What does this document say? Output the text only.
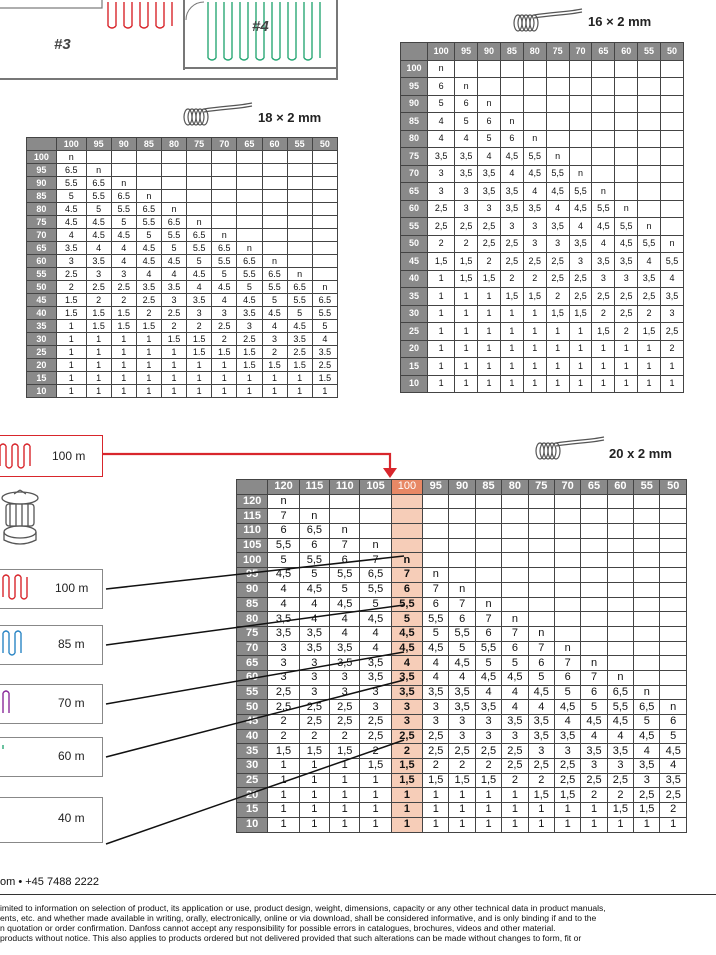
#3
#4	16 × 2 mm
18 × 2 mm
20 x 2 mm
	100	95	90	85	80	75	70	65	60	55	50
100	n										
95	6.5	n									
90	5.5	6.5	n								
85	5	5.5	6.5	n							
80	4.5	5	5.5	6.5	n						
75	4.5	4.5	5	5.5	6.5	n					
70	4	4.5	4.5	5	5.5	6.5	n				
65	3.5	4	4	4.5	5	5.5	6.5	n			
60	3	3.5	4	4.5	4.5	5	5.5	6.5	n		
55	2.5	3	3	4	4	4.5	5	5.5	6.5	n	
50	2	2.5	2.5	3.5	3.5	4	4.5	5	5.5	6.5	n
45	1.5	2	2	2.5	3	3.5	4	4.5	5	5.5	6.5
40	1.5	1.5	1.5	2	2.5	3	3	3.5	4.5	5	5.5
35	1	1.5	1.5	1.5	2	2	2.5	3	4	4.5	5
30	1	1	1	1	1.5	1.5	2	2.5	3	3.5	4
25	1	1	1	1	1	1.5	1.5	1.5	2	2.5	3.5
20	1	1	1	1	1	1	1	1.5	1.5	1.5	2.5
15	1	1	1	1	1	1	1	1	1	1	1.5
10	1	1	1	1	1	1	1	1	1	1	1
	100	95	90	85	80	75	70	65	60	55	50
100	n										
95	6	n									
90	5	6	n								
85	4	5	6	n							
80	4	4	5	6	n						
75	3,5	3,5	4	4,5	5,5	n					
70	3	3,5	3,5	4	4,5	5,5	n				
65	3	3	3,5	3,5	4	4,5	5,5	n			
60	2,5	3	3	3,5	3,5	4	4,5	5,5	n		
55	2,5	2,5	2,5	3	3	3,5	4	4,5	5,5	n	
50	2	2	2,5	2,5	3	3	3,5	4	4,5	5,5	n
45	1,5	1,5	2	2,5	2,5	2,5	3	3,5	3,5	4	5,5
40	1	1,5	1,5	2	2	2,5	2,5	3	3	3,5	4
35	1	1	1	1,5	1,5	2	2,5	2,5	2,5	2,5	3,5
30	1	1	1	1	1	1,5	1,5	2	2,5	2	3
25	1	1	1	1	1	1	1	1,5	2	1,5	2,5
20	1	1	1	1	1	1	1	1	1	1	2
15	1	1	1	1	1	1	1	1	1	1	1
10	1	1	1	1	1	1	1	1	1	1	1
	120	115	110	105	100	95	90	85	80	75	70	65	60	55	50
120	n														
115	7	n													
110	6	6,5	n												
105	5,5	6	7	n											
100	5	5,5	6	7	n										
95	4,5	5	5,5	6,5	7	n									
90	4	4,5	5	5,5	6	7	n								
85	4	4	4,5	5	5,5	6	7	n							
80	3,5	4	4	4,5	5	5,5	6	7	n						
75	3,5	3,5	4	4	4,5	5	5,5	6	7	n					
70	3	3,5	3,5	4	4,5	4,5	5	5,5	6	7	n				
65	3	3	3,5	3,5	4	4	4,5	5	5	6	7	n			
60	3	3	3	3,5	3,5	4	4	4,5	4,5	5	6	7	n		
55	2,5	3	3	3	3,5	3,5	3,5	4	4	4,5	5	6	6,5	n	
50	2,5	2,5	2,5	3	3	3	3,5	3,5	4	4	4,5	5	5,5	6,5	n
45	2	2,5	2,5	2,5	3	3	3	3	3,5	3,5	4	4,5	4,5	5	6
40	2	2	2	2,5	2,5	2,5	3	3	3	3,5	3,5	4	4	4,5	5
35	1,5	1,5	1,5	2	2	2,5	2,5	2,5	2,5	3	3	3,5	3,5	4	4,5
30	1	1	1	1,5	1,5	2	2	2	2,5	2,5	2,5	3	3	3,5	4
25	1	1	1	1	1,5	1,5	1,5	1,5	2	2	2,5	2,5	2,5	3	3,5
20	1	1	1	1	1	1	1	1	1	1,5	1,5	2	2	2,5	2,5
15	1	1	1	1	1	1	1	1	1	1	1	1	1,5	1,5	2
10	1	1	1	1	1	1	1	1	1	1	1	1	1	1	1
100 m
100 m
85 m
70 m
60 m
40 m
om • +45 7488 2222
imited to information on selection of product, its application or use, product design, weight, dimensions, capacity or any other technical data in product manuals,
ents, etc. and whether made available in writing, orally, electronically, online or via download, shall be considered informative, and is only binding if and to the
n quotation or order confirmation. Danfoss cannot accept any responsibility for possible errors in catalogues, brochures, videos and other material.
products without notice. This also applies to products ordered but not delivered provided that such alterations can be made without changes to form, fit or
